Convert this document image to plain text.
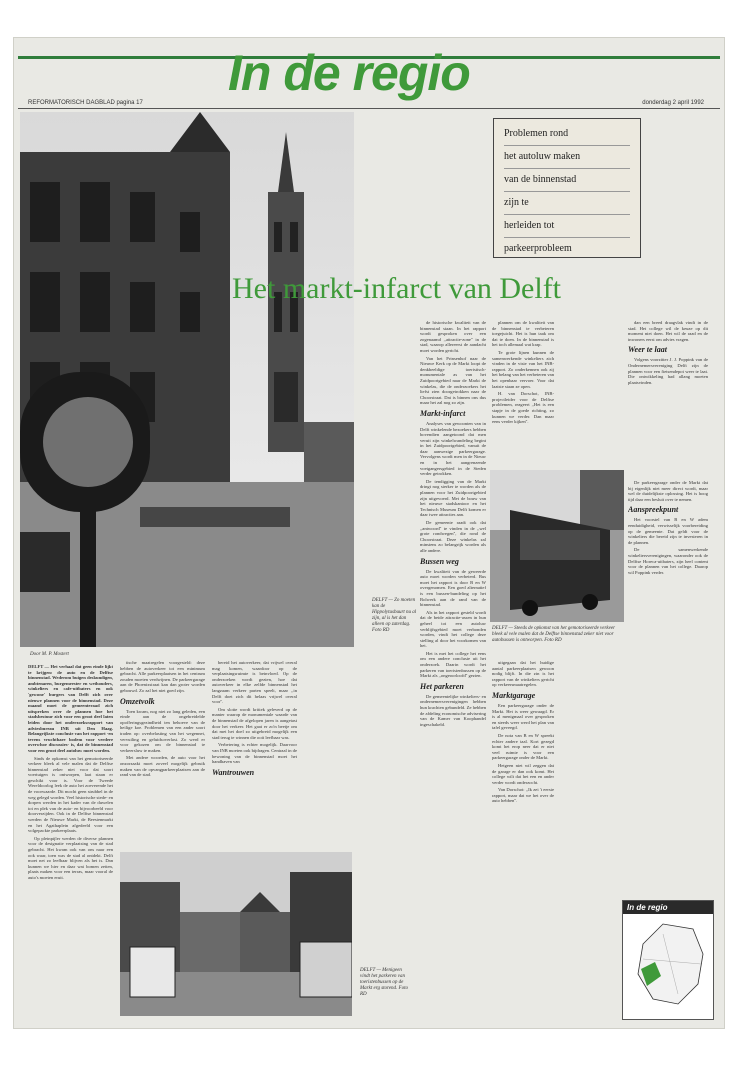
In de regio
REFORMATORISCH DAGBLAD pagina 17	donderdag 2 april 1992
Problemen rond
het autoluw maken
van de binnenstad
zijn te
herleiden tot
parkeerprobleem
Het markt-infarct van Delft
DELFT — Zo moeten kan de Hippolytusbuurt nu al zijn, al is het dan alleen op zaterdag. Foto RD
Door M. P. Mostert

DELFT — Het verhaal dat geen einde lijkt te krijgen: de auto en de Delftse binnenstad. Wederom buigen deskundigen, ambtenaren, burgemeester en wethouders, winkeliers en cafe-uitbaters en ook 'gewone' burgers van Delft zich over nieuwe plannen voor de binnenstad. Deze maand moet de gemeenteraad zich uitspreken over de plannen hoe het stadsbestuur zich voor een groot deel laten leiden door het onderzoeksrapport van adviesbureau INB uit Den Haag. Belangrijkste conclusie van het rapport -en tevens vruchtbare bodem voor verdere overwhoe discussies- is, dat de binnenstad voor een groot deel autoluw moet worden.

Sinds de opkomst van het gemotoriseerde verkeer bleek al vele malen dat de Delftse binnenstad zeker niet voor dat soort voertuigen is ontworpen, laat staan er geschikt voor is. Voor de Tweede Wereldoorlog leek de auto het zoeverende het de voorwaarde. Dit mocht geen strubbel in de weg gelegd worden. Veel historische stede- en dorpen werden in het kader van de duwelen tot en plek van de auto- en bijvoorbeeld voor doorverzijden. Ook in de Delftse binnenstad werden de Nieuwe Markt, de Beestenmarkt en het Agathaplein afgedeeld voor een volgepackte parkeerplaats.

Op pleinpijler werden de diverse plannen voor de designatie verplaatsing van de stad gebracht. Het kwam ook van ons naar een ook waar, toen was de stad al ontdekt. Delft moet net zo leefbaar blijven als het is. Dan kunnen we hier en daar wat bomen zetten, plaats maken voor een terras, maar vooral de auto's moeten eruit.

tische maatregelen voorgesteld: deze hebben de autoverkeer tot een minimum gebracht. Alle parkeerplaatsen in het centrum zouden moeten verdwijnen. De parkeergarage aan de Phoenixstraat kan dan groter worden gebouwd. Zo zal het niet goed zijn.

Omzetvolk

Toen kwam, nog niet zo lang geleden, een einde aan de ongebreidelde opofferingsgezindheid ten behoeve van de heilige koe. Problemen van een ander soort traden op: overbelasting van het wegennet, vervuiling en geluidsoverlast. Zo werd er voor gekozen om de binnenstad te verkeersluw te maken.

Met andere woorden, de auto voor het onzorzaakt moet zoveel mogelijk gebruik maken van de opvangparkeerplaatsen aan de rand van de stad.

bereid het autoverkeer, dat vrijwel overal mag komen, waardoor op de verplaatsingsruimte is beinvloed. Op de onderzoeken wordt gezien, hoe dat autoverkeer in elke zelfde binnenstad het langzaam verkeer parten speelt, maar ,,in Delft doet zich dit helaas vrijwel overal voor''.

Om slotte wordt kritiek geleverd op de manier waarop de monumentale waarde van de binnenstad de afgelopen jaren is aangetast door het verkeer. Het gaat er zo'n beetje om dat met het doel zo uitgebreid mogelijk een stad terug te winnen die ooit leefbaar was.

Verbetering is echter mogelijk. Daarvoor van INB moeten ook bijdragen. Centraal in de bewoning van de binnenstad moet het handhaven van

Wantrouwen
DELFT — Menigeen vindt het parkeren van toeristenbussen op de Markt erg storend. Foto RD

de historische kwaliteit van de binnenstad staan. In het rapport wordt gesproken over een zogenaamd ,,attractie-zone'' in de stad, waarop allereerst de aandacht moet worden gericht.

Van het Prinsenhof naar de Nieuwe Kerk op de Markt loopt de denkbeeldige toeristisch-monumentale as van het Zuidpoortgebied naar de Markt de winkelas, die de onderzoekers het liefst zien doorgetrokken naar de Choorstraat. Dat is binnen ons dus maar het zal nog zo zijn.

Markt-infarct

Analyses van gewoonten van in Delft winkelende bezoekers hebben bovendien aangetoond dat men veruit zijn winkelwandeling begint in het Zuidpoortgebied, vanuit de daar aanwezige parkeergarage. Vervolgens wordt men in de Nieuw en in het aangrenzende voetgangersgebied in de Steden verder getrokken.

De tendigging van de Markt dringt nog sterker te worden als de plannen voor het Zuidpoortgebied zijn uitgevoerd. Met de bouw van het nieuwe stadskantoor en het Technisch Museum Delft komen er daar twee attracties aan.

De gemeente raadt ook dat ,,antwoord'' te vinden in de ,,wel grote rondwegen'', die rond de Choorstraat. Deze winkelas zal minstens zo belangrijk worden als alle andere.

Bussen weg

De kwaliteit van de geweerde auto moet worden verbeterd. Bus moet het rapport is door B en W overgenomen. Een goed alternatief is een bussen-bundeling op het Bolwerk aan de rand van de binnenstad.

Als in het rapport gesteld wordt dat de beide attractie-assen in hun geheel tot een autoluw verblijfsgebied moet verbonden worden, vindt het college deze stelling al door het voorkomen van het.

Het is met het college het eens om een andere conclusie uit het onderzoek. Daarin wordt het parkeren van toeristenbussen op de Markt als ,,ongeoorloofd'' gezien.

Het parkeren

De gemeentelijke winkeliers- en ondernemersverenigingen hebben hun krachten gebundeld. Ze hebben de afdeling economische advisering van de Kamer van Koophandel ingeschakeld.

plannen om de kwaliteit van de binnenstad te verbeteren toegejuicht. Het is hun taak om dat te doen. In de binnenstad is het toch allemaal wat krap.

Te grote lijnen kunnen de samenwerkende winkeliers zich vinden in de visie van het INB-rapport. Zo onderkennen ook zij het belang van het verbeteren van het openbaar vervoer. Voor dat laatste staan ze open.

H. van Dorschot, INB-projectleider voor de Delftse problemen, reageert ,,Het is een stapje in de goede richting, zo kunnen we verder. Dan maar eens verder kijken''.

DELFT — Steeds de opkomst van het gemotoriseerde verkeer bleek al vele malen dat de Delftse binnenstad zeker niet voor autobussen is ontworpen. Foto RD

uitgegaan dat het huidige aantal parkeerplaatsen gewoon nodig blijft. In die zin is het rapport van de winkeliers gericht op verkeersmaatregelen.

Marktgarage

Een parkeergarage onder de Markt. Het is weer gewaagd. Er is al menigmaal over gesproken en steeds weer werd het plan van tafel geveegd.

De nota van B en W spreekt echter andere taal. Kort gezegd komt het erop neer dat er niet veel ruimte is voor een parkeergarage onder de Markt.

Hetgeen niet wil zeggen dat de garage er dan ook komt. Het college wilt dat het een en ander verder wordt onderzocht.

Van Dorschot: ,,Ik zei 't eerste rapport, maar dat we het over de auto hebben''.

dan een breed draagvlak vindt in de stad. Het college wil de keuze op dit moment niet doen. Het wil de raad en de inwoners eerst om advies vragen.

Weer te laat

Volgens voorzitter J. J. Poppink van de Ondernemersvereniging Delft zijn de plannen voor een fietsendepot weer te laat. Die ontwikkeling had allang moeten plaatsvinden.

De parkeergarage onder de Markt dat bij eigenlijk niet meer direct wordt, maar wel de duidelijkste oplossing. Het is hoog tijd daar een besluit over te nemen.

Aanspreekpunt

Het voorstel van B en W adem eenduidigheid, verwisselijk voorbereiding op de gemeente. Dat geldt voor de winkeliers die bereid zijn te investeren in de plannen.

De samenwerkende winkeliersverenigingen, waaronder ook de Delftse Horeca-uitbaters, zijn heel content voor de plannen van het college. Daarop wil Poppink verder.

In de regio
